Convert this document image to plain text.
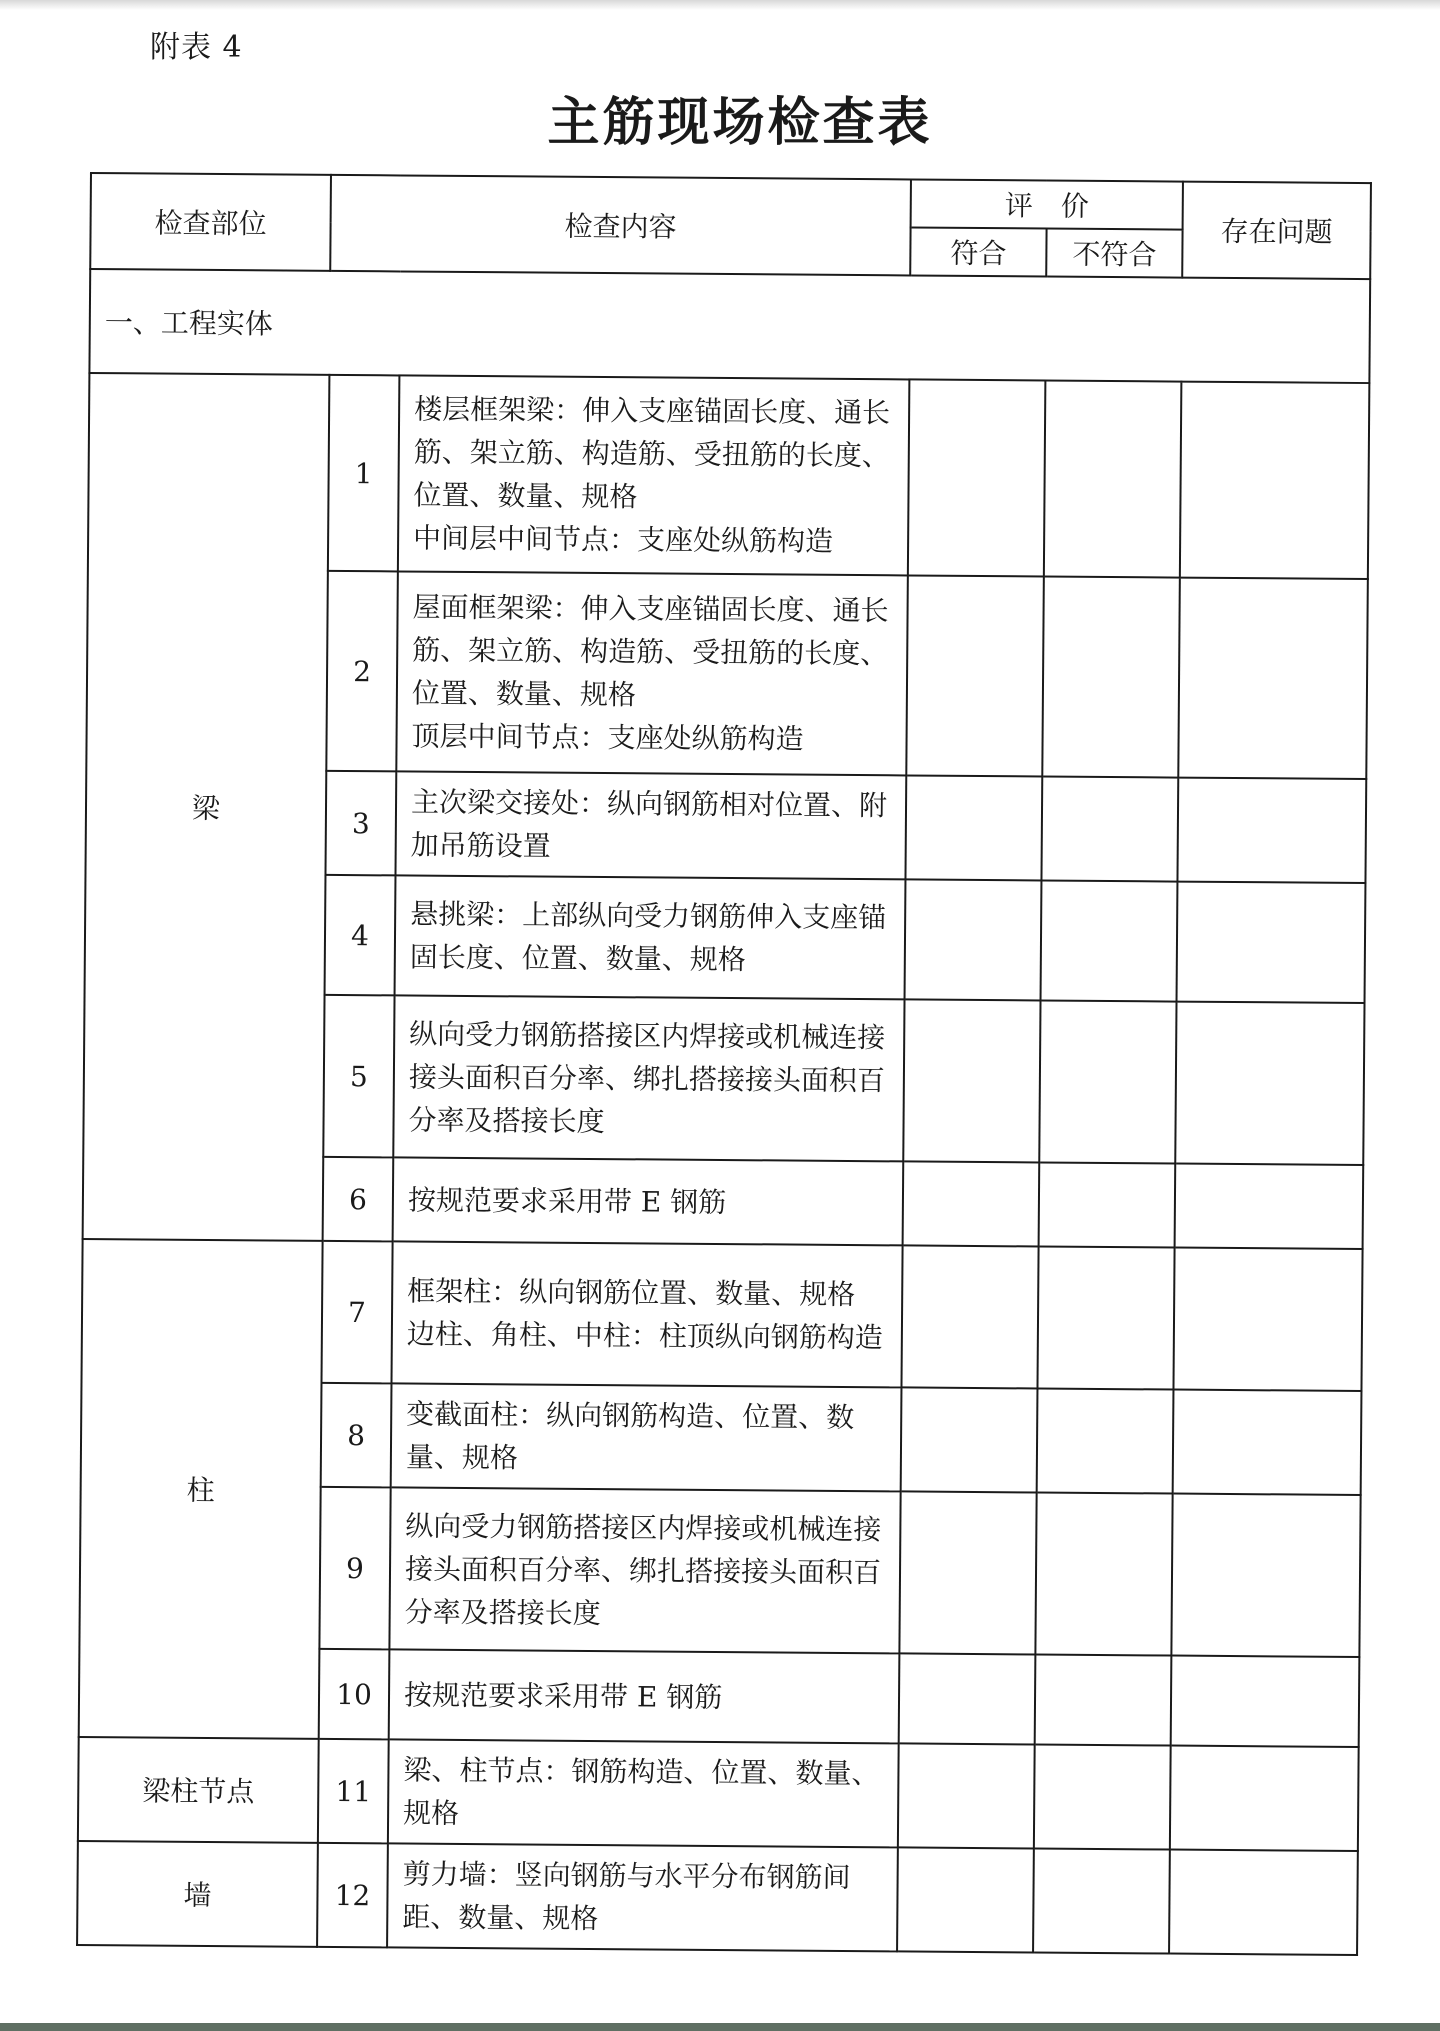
附表 4
主筋现场检查表
检查部位	检查内容		评　价		存在问题
			符合	不符合	
一、工程实体					
梁	1	楼层框架梁：伸入支座锚固长度、通长筋、架立筋、构造筋、受扭筋的长度、位置、数量、规格
中间层中间节点：支座处纵筋构造			
	2	屋面框架梁：伸入支座锚固长度、通长筋、架立筋、构造筋、受扭筋的长度、位置、数量、规格
顶层中间节点：支座处纵筋构造			
	3	主次梁交接处：纵向钢筋相对位置、附加吊筋设置			
	4	悬挑梁：上部纵向受力钢筋伸入支座锚固长度、位置、数量、规格			
	5	纵向受力钢筋搭接区内焊接或机械连接接头面积百分率、绑扎搭接接头面积百分率及搭接长度			
	6	按规范要求采用带 E 钢筋			
柱	7	框架柱：纵向钢筋位置、数量、规格
边柱、角柱、中柱：柱顶纵向钢筋构造			
	8	变截面柱：纵向钢筋构造、位置、数量、规格			
	9	纵向受力钢筋搭接区内焊接或机械连接接头面积百分率、绑扎搭接接头面积百分率及搭接长度			
	10	按规范要求采用带 E 钢筋			
梁柱节点	11	梁、柱节点：钢筋构造、位置、数量、规格			
墙	12	剪力墙：竖向钢筋与水平分布钢筋间距、数量、规格			
